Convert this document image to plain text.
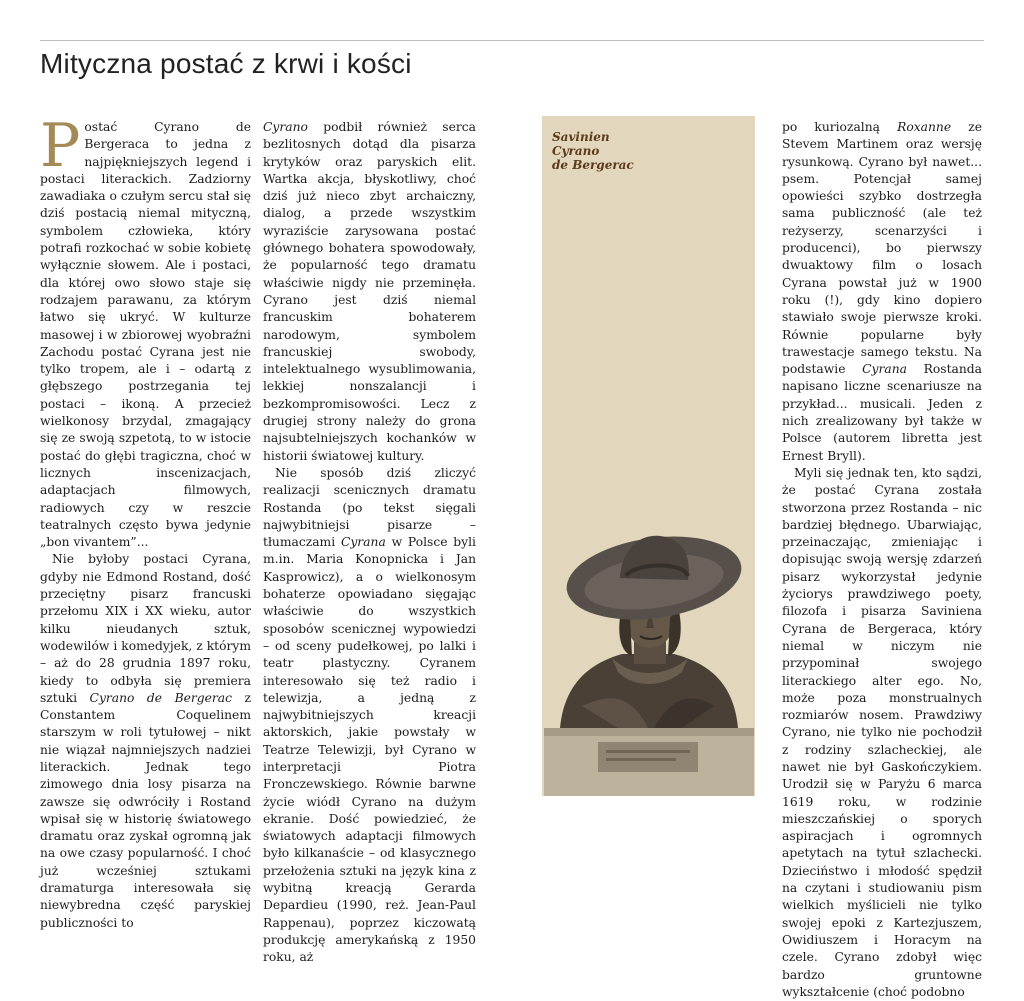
Mityczna postać z krwi i kości

Postać Cyrano de Bergeraca to jedna z najpiękniejszych legend i postaci literackich. Zadziorny zawadiaka o czułym sercu stał się dziś postacią niemal mityczną, symbolem człowieka, który potrafi rozkochać w sobie kobietę wyłącznie słowem. Ale i postaci, dla której owo słowo staje się rodzajem parawanu, za którym łatwo się ukryć. W kulturze masowej i w zbiorowej wyobraźni Zachodu postać Cyrana jest nie tylko tropem, ale i – odartą z głębszego postrzegania tej postaci – ikoną. A przecież wielkonosy brzydal, zmagający się ze swoją szpetotą, to w istocie postać do głębi tragiczna, choć w licznych inscenizacjach, adaptacjach filmowych, radiowych czy w reszcie teatralnych często bywa jedynie „bon vivantem”...

Nie byłoby postaci Cyrana, gdyby nie Edmond Rostand, dość przeciętny pisarz francuski przełomu XIX i XX wieku, autor kilku nieudanych sztuk, wodewilów i komedyjek, z którym – aż do 28 grudnia 1897 roku, kiedy to odbyła się premiera sztuki Cyrano de Bergerac z Constantem Coquelinem starszym w roli tytułowej – nikt nie wiązał najmniejszych nadziei literackich. Jednak tego zimowego dnia losy pisarza na zawsze się odwróciły i Rostand wpisał się w historię światowego dramatu oraz zyskał ogromną jak na owe czasy popularność. I choć już wcześniej sztukami dramaturga interesowała się niewybredna część paryskiej publiczności to

Cyrano podbił również serca bezlitosnych dotąd dla pisarza krytyków oraz paryskich elit. Wartka akcja, błyskotliwy, choć dziś już nieco zbyt archaiczny, dialog, a przede wszystkim wyraziście zarysowana postać głównego bohatera spowodowały, że popularność tego dramatu właściwie nigdy nie przeminęła. Cyrano jest dziś niemal francuskim bohaterem narodowym, symbolem francuskiej swobody, intelektualnego wysublimowania, lekkiej nonszalancji i bezkompromisowości. Lecz z drugiej strony należy do grona najsubtelniejszych kochanków w historii światowej kultury.

Nie sposób dziś zliczyć realizacji scenicznych dramatu Rostanda (po tekst sięgali najwybitniejsi pisarze – tłumaczami Cyrana w Polsce byli m.in. Maria Konopnicka i Jan Kasprowicz), a o wielkonosym bohaterze opowiadano sięgając właściwie do wszystkich sposobów scenicznej wypowiedzi – od sceny pudełkowej, po lalki i teatr plastyczny. Cyranem interesowało się też radio i telewizja, a jedną z najwybitniejszych kreacji aktorskich, jakie powstały w Teatrze Telewizji, był Cyrano w interpretacji Piotra Fronczewskiego. Równie barwne życie wiódł Cyrano na dużym ekranie. Dość powiedzieć, że światowych adaptacji filmowych było kilkanaście – od klasycznego przełożenia sztuki na język kina z wybitną kreacją Gerarda Depardieu (1990, reż. Jean-Paul Rappenau), poprzez kiczowatą produkcję amerykańską z 1950 roku, aż

Savinien
Cyrano
de Bergerac

po kuriozalną Roxanne ze Stevem Martinem oraz wersję rysunkową. Cyrano był nawet... psem. Potencjał samej opowieści szybko dostrzegła sama publiczność (ale też reżyserzy, scenarzyści i producenci), bo pierwszy dwuaktowy film o losach Cyrana powstał już w 1900 roku (!), gdy kino dopiero stawiało swoje pierwsze kroki. Równie popularne były trawestacje samego tekstu. Na podstawie Cyrana Rostanda napisano liczne scenariusze na przykład... musicali. Jeden z nich zrealizowany był także w Polsce (autorem libretta jest Ernest Bryll).

Myli się jednak ten, kto sądzi, że postać Cyrana została stworzona przez Rostanda – nic bardziej błędnego. Ubarwiając, przeinaczając, zmieniając i dopisując swoją wersję zdarzeń pisarz wykorzystał jedynie życiorys prawdziwego poety, filozofa i pisarza Saviniena Cyrana de Bergeraca, który niemal w niczym nie przypominał swojego literackiego alter ego. No, może poza monstrualnych rozmiarów nosem. Prawdziwy Cyrano, nie tylko nie pochodził z rodziny szlacheckiej, ale nawet nie był Gaskończykiem. Urodził się w Paryżu 6 marca 1619 roku, w rodzinie mieszczańskiej o sporych aspiracjach i ogromnych apetytach na tytuł szlachecki. Dzieciństwo i młodość spędził na czytani i studiowaniu pism wielkich myślicieli nie tylko swojej epoki z Kartezjuszem, Owidiuszem i Horacym na czele. Cyrano zdobył więc bardzo gruntowne wykształcenie (choć podobno
